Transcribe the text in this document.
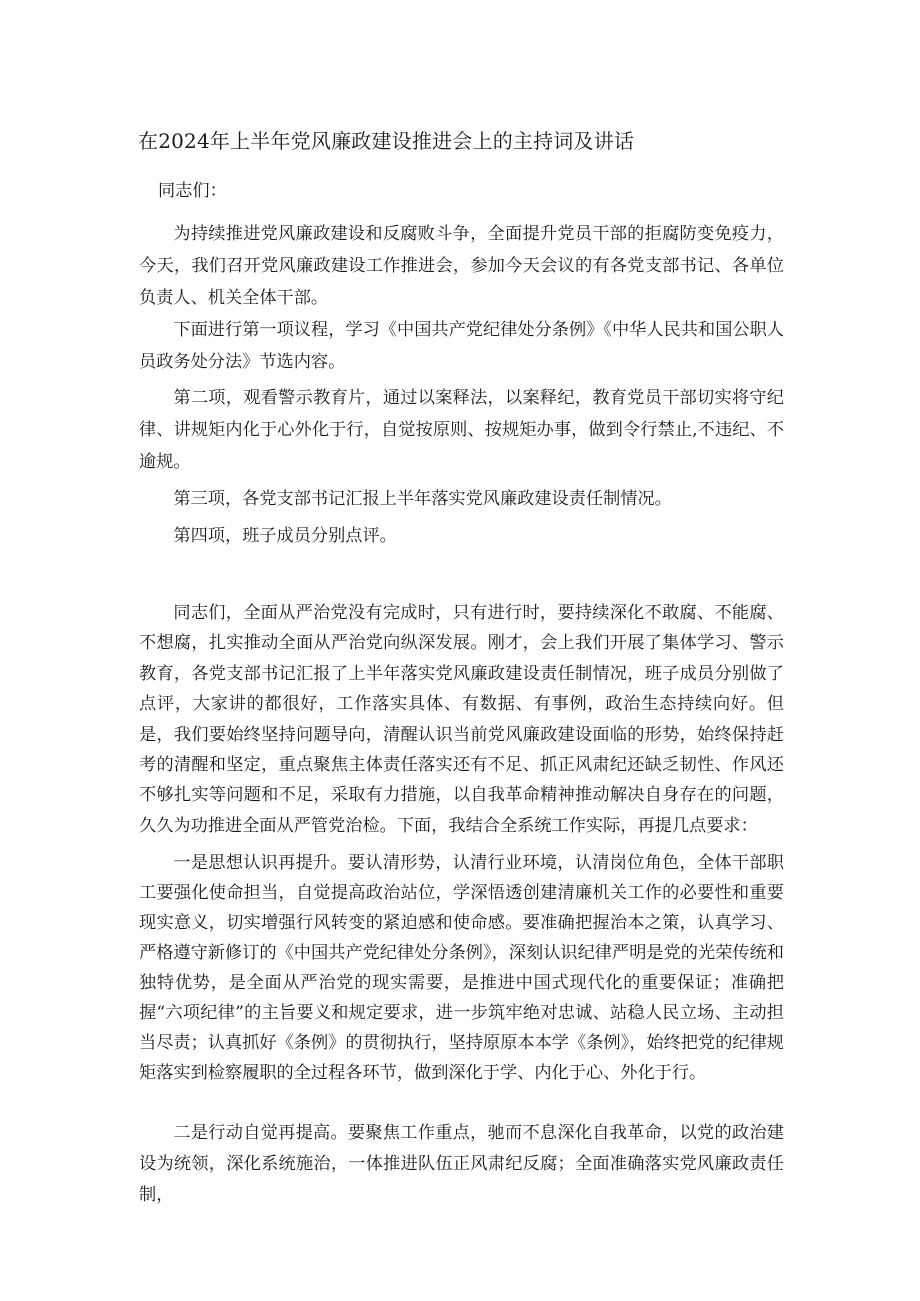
在2024年上半年党风廉政建设推进会上的主持词及讲话

同志们：

为持续推进党风廉政建设和反腐败斗争，全面提升党员干部的拒腐防变免疫力，今天，我们召开党风廉政建设工作推进会，参加今天会议的有各党支部书记、各单位负责人、机关全体干部。

下面进行第一项议程，学习《中国共产党纪律处分条例》《中华人民共和国公职人员政务处分法》节选内容。

第二项，观看警示教育片，通过以案释法，以案释纪，教育党员干部切实将守纪律、讲规矩内化于心外化于行，自觉按原则、按规矩办事，做到令行禁止,不违纪、不逾规。

第三项，各党支部书记汇报上半年落实党风廉政建设责任制情况。

第四项，班子成员分别点评。

同志们，全面从严治党没有完成时，只有进行时，要持续深化不敢腐、不能腐、不想腐，扎实推动全面从严治党向纵深发展。刚才，会上我们开展了集体学习、警示教育，各党支部书记汇报了上半年落实党风廉政建设责任制情况，班子成员分别做了点评，大家讲的都很好，工作落实具体、有数据、有事例，政治生态持续向好。但是，我们要始终坚持问题导向，清醒认识当前党风廉政建设面临的形势，始终保持赶考的清醒和坚定，重点聚焦主体责任落实还有不足、抓正风肃纪还缺乏韧性、作风还不够扎实等问题和不足，采取有力措施，以自我革命精神推动解决自身存在的问题，久久为功推进全面从严管党治检。下面，我结合全系统工作实际，再提几点要求：

一是思想认识再提升。要认清形势，认清行业环境，认清岗位角色，全体干部职工要强化使命担当，自觉提高政治站位，学深悟透创建清廉机关工作的必要性和重要现实意义，切实增强行风转变的紧迫感和使命感。要准确把握治本之策，认真学习、严格遵守新修订的《中国共产党纪律处分条例》，深刻认识纪律严明是党的光荣传统和独特优势，是全面从严治党的现实需要，是推进中国式现代化的重要保证；准确把握“六项纪律”的主旨要义和规定要求，进一步筑牢绝对忠诚、站稳人民立场、主动担当尽责；认真抓好《条例》的贯彻执行，坚持原原本本学《条例》，始终把党的纪律规矩落实到检察履职的全过程各环节，做到深化于学、内化于心、外化于行。

二是行动自觉再提高。要聚焦工作重点，驰而不息深化自我革命，以党的政治建设为统领，深化系统施治，一体推进队伍正风肃纪反腐；全面准确落实党风廉政责任制，
